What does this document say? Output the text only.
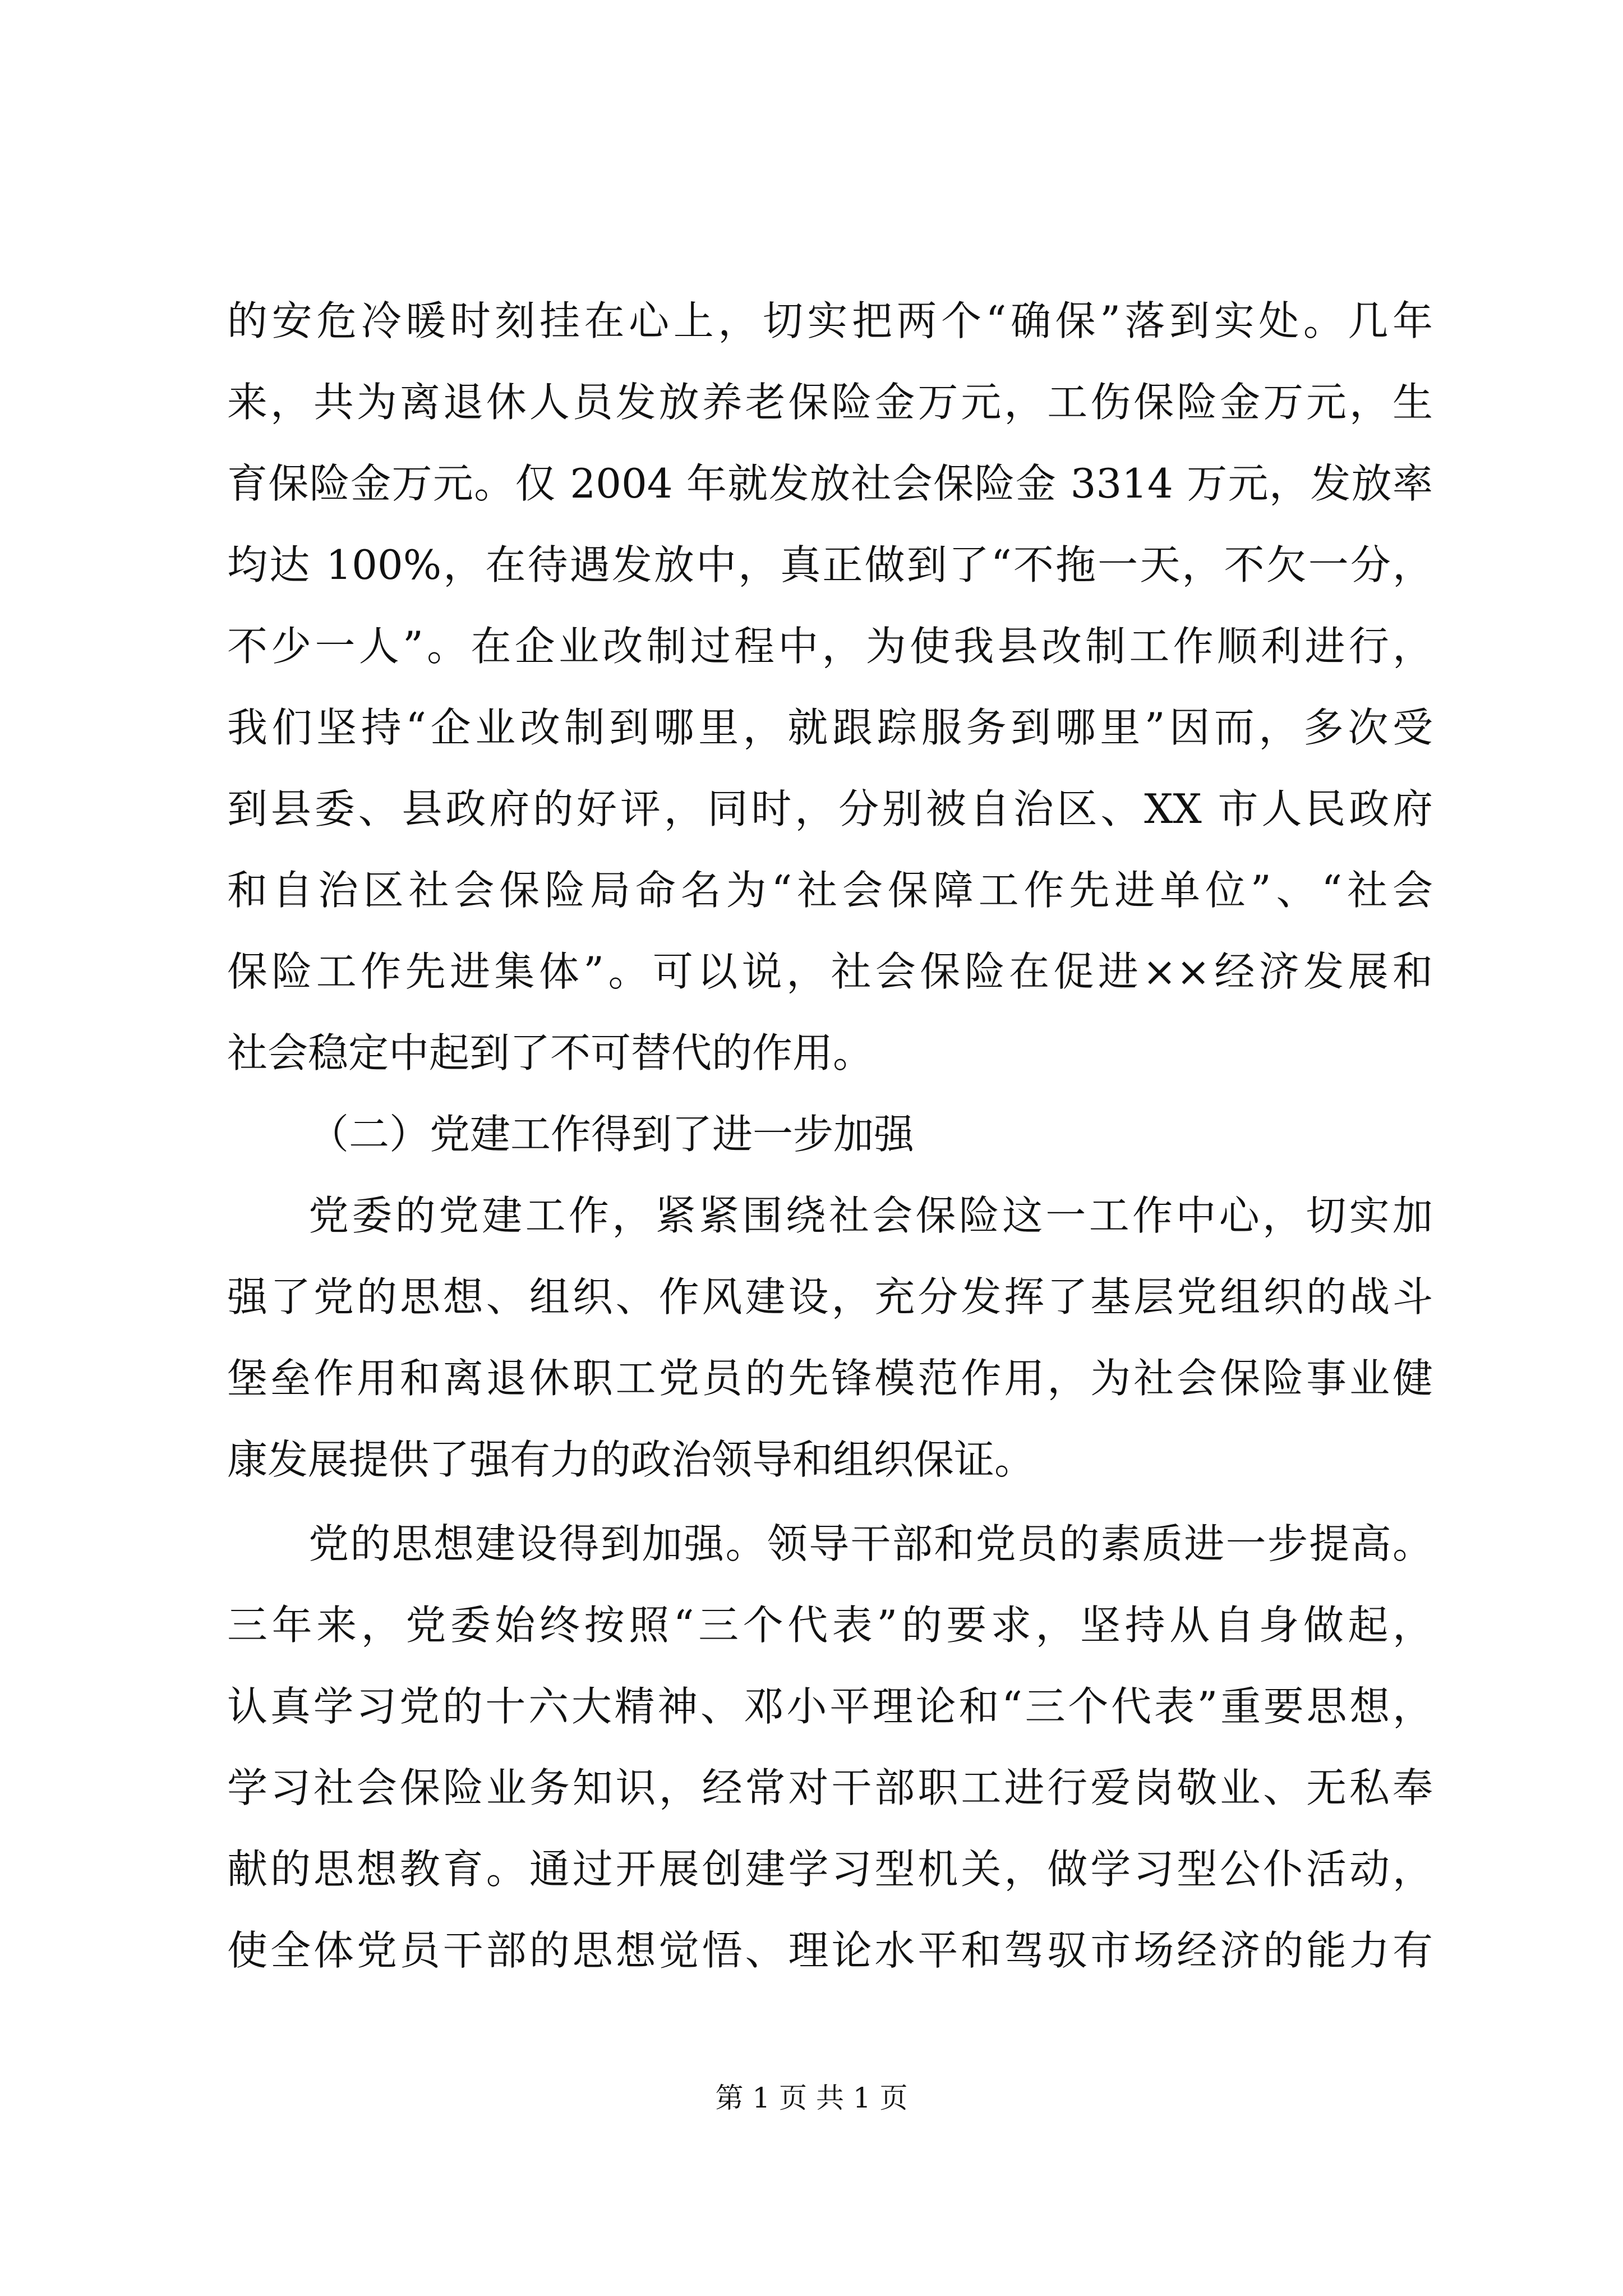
的安危冷暖时刻挂在心上，切实把两个“确保”落到实处。几年
来，共为离退休人员发放养老保险金万元，工伤保险金万元，生
育保险金万元。仅 2004 年就发放社会保险金 3314 万元，发放率
均达 100%，在待遇发放中，真正做到了“不拖一天，不欠一分，
不少一人”。在企业改制过程中，为使我县改制工作顺利进行，
我们坚持“企业改制到哪里，就跟踪服务到哪里”因而，多次受
到县委、县政府的好评，同时，分别被自治区、XX 市人民政府
和自治区社会保险局命名为“社会保障工作先进单位”、“社会
保险工作先进集体”。可以说，社会保险在促进××经济发展和
社会稳定中起到了不可替代的作用。
（二）党建工作得到了进一步加强
党委的党建工作，紧紧围绕社会保险这一工作中心，切实加
强了党的思想、组织、作风建设，充分发挥了基层党组织的战斗
堡垒作用和离退休职工党员的先锋模范作用，为社会保险事业健
康发展提供了强有力的政治领导和组织保证。
党的思想建设得到加强。领导干部和党员的素质进一步提高。
三年来，党委始终按照“三个代表”的要求，坚持从自身做起，
认真学习党的十六大精神、邓小平理论和“三个代表”重要思想，
学习社会保险业务知识，经常对干部职工进行爱岗敬业、无私奉
献的思想教育。通过开展创建学习型机关，做学习型公仆活动，
使全体党员干部的思想觉悟、理论水平和驾驭市场经济的能力有
第 1 页 共 1 页
